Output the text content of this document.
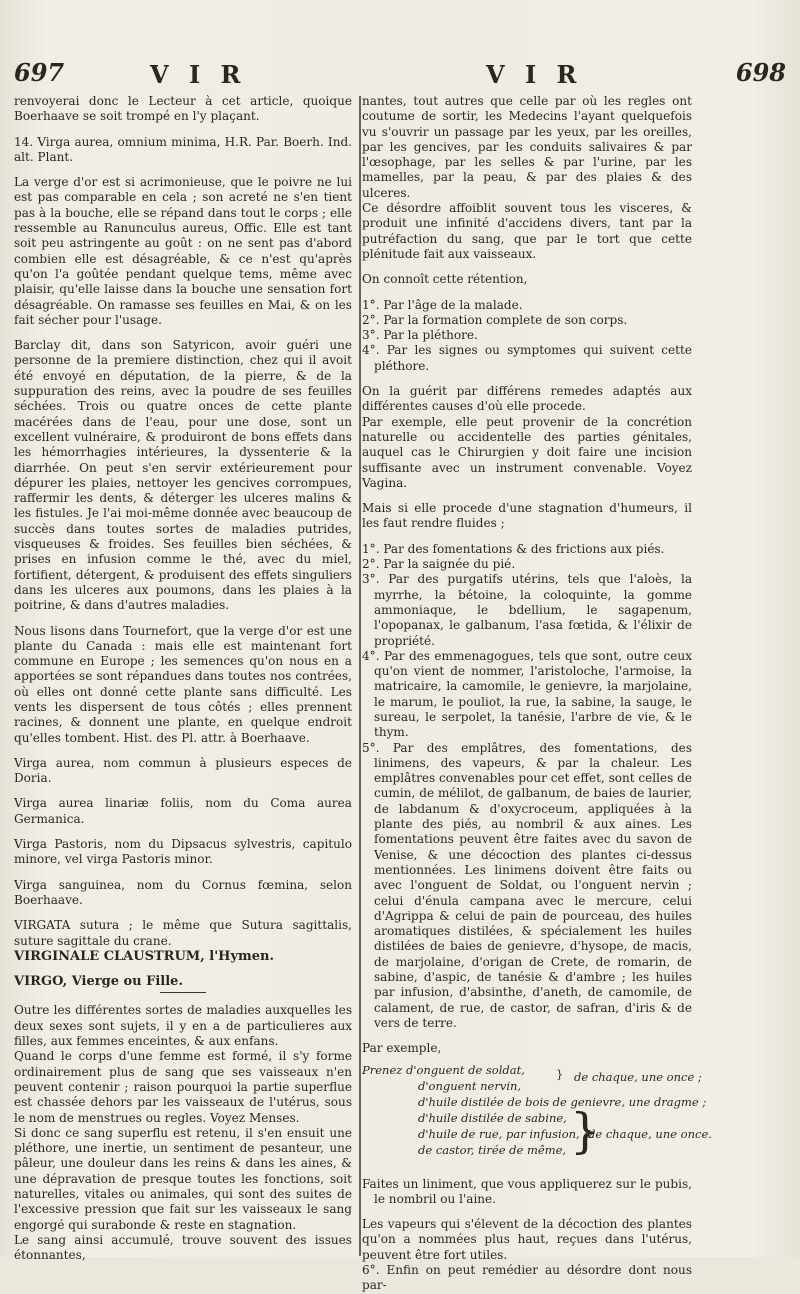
697	V I R	V I R	698

renvoyerai donc le Lecteur à cet article, quoique Boerhaave se soit trompé en l'y plaçant.

14. Virga aurea, omnium minima, H.R. Par. Boerh. Ind. alt. Plant.

La verge d'or est si acrimonieuse, que le poivre ne lui est pas comparable en cela ; son acreté ne s'en tient pas à la bouche, elle se répand dans tout le corps ; elle ressemble au Ranunculus aureus, Offic. Elle est tant soit peu astringente au goût : on ne sent pas d'abord combien elle est désagréable, & ce n'est qu'après qu'on l'a goûtée pendant quelque tems, même avec plaisir, qu'elle laisse dans la bouche une sensation fort désagréable. On ramasse ses feuilles en Mai, & on les fait sécher pour l'usage.

Barclay dit, dans son Satyricon, avoir guéri une personne de la premiere distinction, chez qui il avoit été envoyé en députation, de la pierre, & de la suppuration des reins, avec la poudre de ses feuilles séchées. Trois ou quatre onces de cette plante macérées dans de l'eau, pour une dose, sont un excellent vulnéraire, & produiront de bons effets dans les hémorrhagies intérieures, la dyssenterie & la diarrhée. On peut s'en servir extérieurement pour dépurer les plaies, nettoyer les gencives corrompues, raffermir les dents, & déterger les ulceres malins & les fistules. Je l'ai moi-même donnée avec beaucoup de succès dans toutes sortes de maladies putrides, visqueuses & froides. Ses feuilles bien séchées, & prises en infusion comme le thé, avec du miel, fortifient, détergent, & produisent des effets singuliers dans les ulceres aux poumons, dans les plaies à la poitrine, & dans d'autres maladies.

Nous lisons dans Tournefort, que la verge d'or est une plante du Canada : mais elle est maintenant fort commune en Europe ; les semences qu'on nous en a apportées se sont répandues dans toutes nos contrées, où elles ont donné cette plante sans difficulté. Les vents les dispersent de tous côtés ; elles prennent racines, & donnent une plante, en quelque endroit qu'elles tombent. Hist. des Pl. attr. à Boerhaave.

Virga aurea, nom commun à plusieurs especes de Doria.

Virga aurea linariæ foliis, nom du Coma aurea Germanica.

Virga Pastoris, nom du Dipsacus sylvestris, capitulo minore, vel virga Pastoris minor.

Virga sanguinea, nom du Cornus fœmina, selon Boerhaave.

VIRGATA sutura ; le même que Sutura sagittalis, suture sagittale du crane.

VIRGINALE CLAUSTRUM, l'Hymen.

VIRGO, Vierge ou Fille.

Outre les différentes sortes de maladies auxquelles les deux sexes sont sujets, il y en a de particulieres aux filles, aux femmes enceintes, & aux enfans.

Quand le corps d'une femme est formé, il s'y forme ordinairement plus de sang que ses vaisseaux n'en peuvent contenir ; raison pourquoi la partie superflue est chassée dehors par les vaisseaux de l'utérus, sous le nom de menstrues ou regles. Voyez Menses.

Si donc ce sang superflu est retenu, il s'en ensuit une pléthore, une inertie, un sentiment de pesanteur, une pâleur, une douleur dans les reins & dans les aines, & une dépravation de presque toutes les fonctions, soit naturelles, vitales ou animales, qui sont des suites de l'excessive pression que fait sur les vaisseaux le sang engorgé qui surabonde & reste en stagnation.

Le sang ainsi accumulé, trouve souvent des issues étonnantes,

nantes, tout autres que celle par où les regles ont coutume de sortir, les Medecins l'ayant quelquefois vu s'ouvrir un passage par les yeux, par les oreilles, par les gencives, par les conduits salivaires & par l'œsophage, par les selles & par l'urine, par les mamelles, par la peau, & par des plaies & des ulceres.

Ce désordre affoiblit souvent tous les visceres, & produit une infinité d'accidens divers, tant par la putréfaction du sang, que par le tort que cette plénitude fait aux vaisseaux.

On connoît cette rétention,

1°. Par l'âge de la malade.

2°. Par la formation complete de son corps.

3°. Par la pléthore.

4°. Par les signes ou symptomes qui suivent cette pléthore.

On la guérit par différens remedes adaptés aux différentes causes d'où elle procede.

Par exemple, elle peut provenir de la concrétion naturelle ou accidentelle des parties génitales, auquel cas le Chirurgien y doit faire une incision suffisante avec un instrument convenable. Voyez Vagina.

Mais si elle procede d'une stagnation d'humeurs, il les faut rendre fluides ;

1°. Par des fomentations & des frictions aux piés.

2°. Par la saignée du pié.

3°. Par des purgatifs utérins, tels que l'aloès, la myrrhe, la bétoine, la coloquinte, la gomme ammoniaque, le bdellium, le sagapenum, l'opopanax, le galbanum, l'asa fœtida, & l'élixir de propriété.

4°. Par des emmenagogues, tels que sont, outre ceux qu'on vient de nommer, l'aristoloche, l'armoise, la matricaire, la camomile, le genievre, la marjolaine, le marum, le pouliot, la rue, la sabine, la sauge, le sureau, le serpolet, la tanésie, l'arbre de vie, & le thym.

5°. Par des emplâtres, des fomentations, des linimens, des vapeurs, & par la chaleur. Les emplâtres convenables pour cet effet, sont celles de cumin, de mélilot, de galbanum, de baies de laurier, de labdanum & d'oxycroceum, appliquées à la plante des piés, au nombril & aux aines. Les fomentations peuvent être faites avec du savon de Venise, & une décoction des plantes ci-dessus mentionnées. Les linimens doivent être faits ou avec l'onguent de Soldat, ou l'onguent nervin ; celui d'énula campana avec le mercure, celui d'Agrippa & celui de pain de pourceau, des huiles aromatiques distilées, & spécialement les huiles distilées de baies de genievre, d'hysope, de macis, de marjolaine, d'origan de Crete, de romarin, de sabine, d'aspic, de tanésie & d'ambre ; les huiles par infusion, d'absinthe, d'aneth, de camomile, de calament, de rue, de castor, de safran, d'iris & de vers de terre.

Par exemple,

Prenez d'onguent de soldat,
d'onguent nervin,
} de chaque, une once ;
d'huile distilée de bois de genievre, une dragme ;
d'huile distilée de sabine,
d'huile de rue, par infusion, &
de castor, tirée de même, }
de chaque, une once.

Faites un liniment, que vous appliquerez sur le pubis, le nombril ou l'aine.

Les vapeurs qui s'élevent de la décoction des plantes qu'on a nommées plus haut, reçues dans l'utérus, peuvent être fort utiles.

6°. Enfin on peut remédier au désordre dont nous par-
